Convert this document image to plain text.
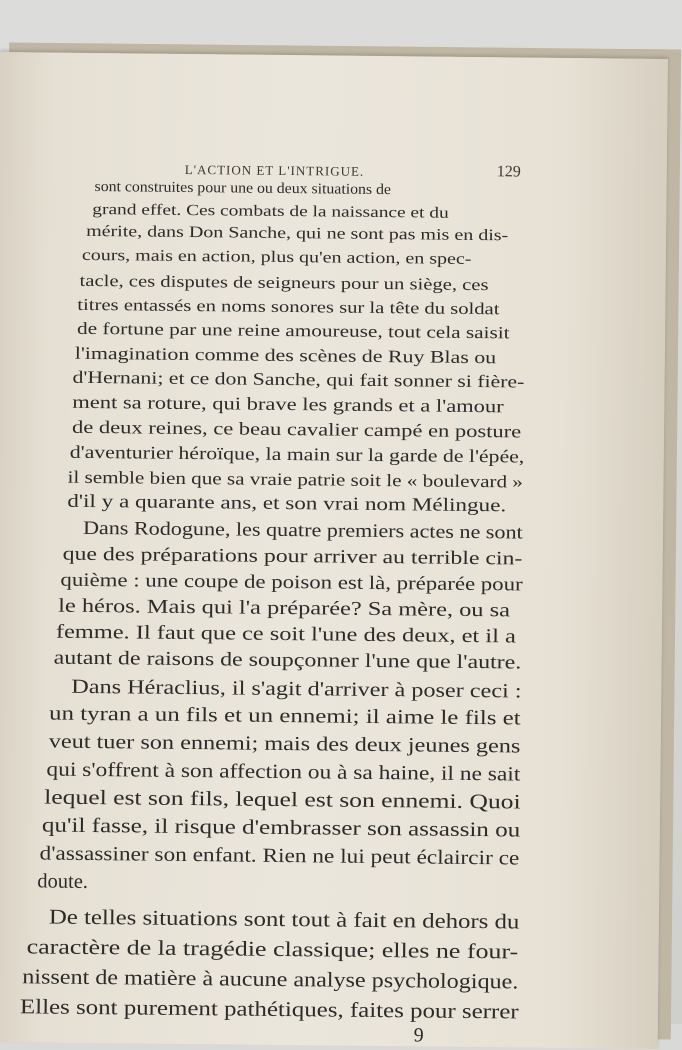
L'ACTION ET L'INTRIGUE.	129
sont construites pour une ou deux situations de
grand effet. Ces combats de la naissance et du
mérite, dans Don Sanche, qui ne sont pas mis en dis-
cours, mais en action, plus qu'en action, en spec-
tacle, ces disputes de seigneurs pour un siège, ces
titres entassés en noms sonores sur la tête du soldat
de fortune par une reine amoureuse, tout cela saisit
l'imagination comme des scènes de Ruy Blas ou
d'Hernani; et ce don Sanche, qui fait sonner si fière-
ment sa roture, qui brave les grands et a l'amour
de deux reines, ce beau cavalier campé en posture
d'aventurier héroïque, la main sur la garde de l'épée,
il semble bien que sa vraie patrie soit le « boulevard »
d'il y a quarante ans, et son vrai nom Mélingue.
Dans Rodogune, les quatre premiers actes ne sont
que des préparations pour arriver au terrible cin-
quième : une coupe de poison est là, préparée pour
le héros. Mais qui l'a préparée? Sa mère, ou sa
femme. Il faut que ce soit l'une des deux, et il a
autant de raisons de soupçonner l'une que l'autre.
Dans Héraclius, il s'agit d'arriver à poser ceci :
un tyran a un fils et un ennemi; il aime le fils et
veut tuer son ennemi; mais des deux jeunes gens
qui s'offrent à son affection ou à sa haine, il ne sait
lequel est son fils, lequel est son ennemi. Quoi
qu'il fasse, il risque d'embrasser son assassin ou
d'assassiner son enfant. Rien ne lui peut éclaircir ce
doute.
De telles situations sont tout à fait en dehors du
caractère de la tragédie classique; elles ne four-
nissent de matière à aucune analyse psychologique.
Elles sont purement pathétiques, faites pour serrer
9
